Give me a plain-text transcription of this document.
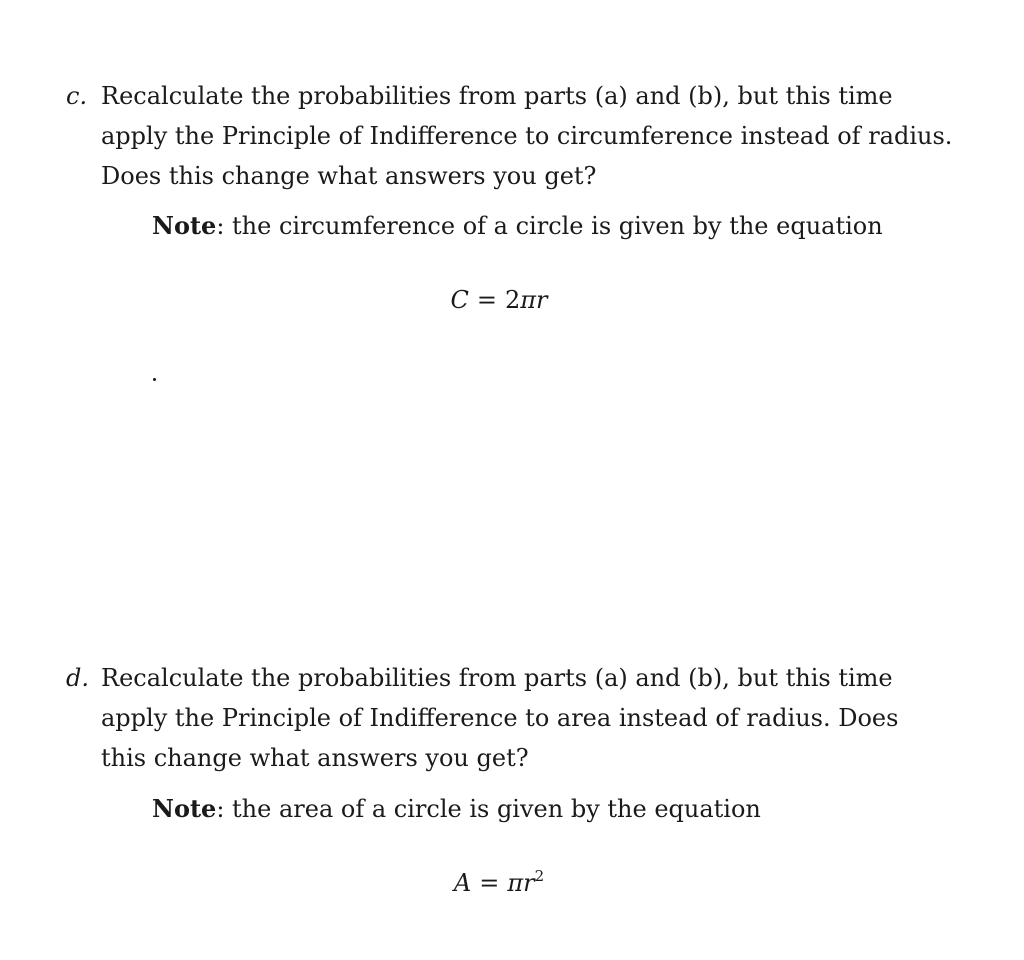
c. Recalculate the probabilities from parts (a) and (b), but this time
apply the Principle of Indifference to circumference instead of radius.
Does this change what answers you get?
Note: the circumference of a circle is given by the equation
C = 2πr
d. Recalculate the probabilities from parts (a) and (b), but this time
apply the Principle of Indifference to area instead of radius. Does
this change what answers you get?
Note: the area of a circle is given by the equation
$A = \pi r^2$
